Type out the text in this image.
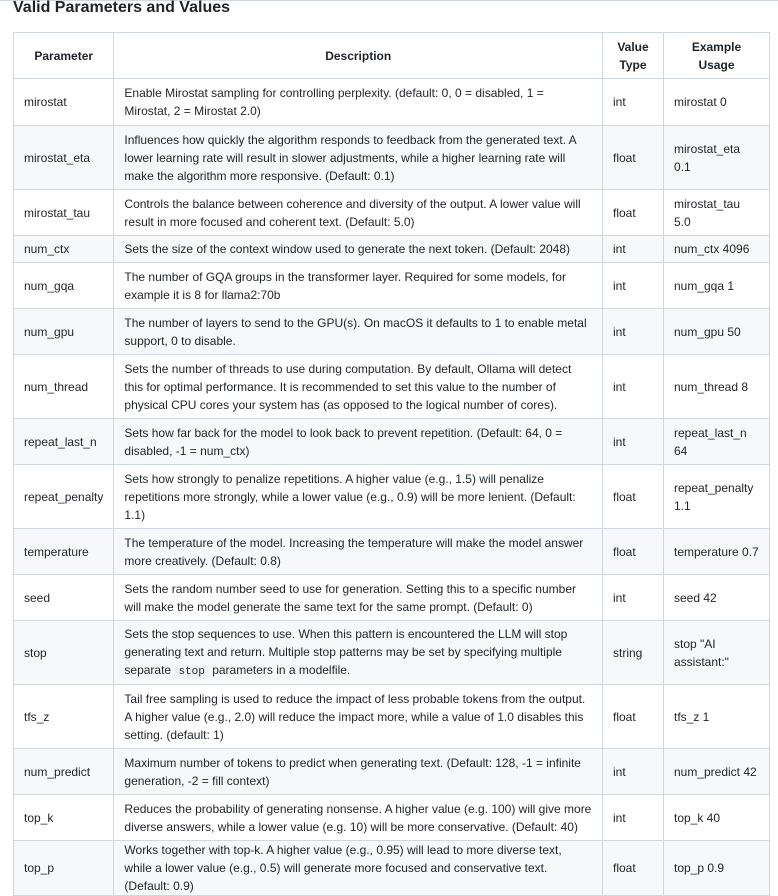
Valid Parameters and Values
Parameter	Description	Value Type	Example Usage
mirostat	Enable Mirostat sampling for controlling perplexity. (default: 0, 0 = disabled, 1 = Mirostat, 2 = Mirostat 2.0)	int	mirostat 0
mirostat_eta	Influences how quickly the algorithm responds to feedback from the generated text. A lower learning rate will result in slower adjustments, while a higher learning rate will make the algorithm more responsive. (Default: 0.1)	float	mirostat_eta 0.1
mirostat_tau	Controls the balance between coherence and diversity of the output. A lower value will result in more focused and coherent text. (Default: 5.0)	float	mirostat_tau 5.0
num_ctx	Sets the size of the context window used to generate the next token. (Default: 2048)	int	num_ctx 4096
num_gqa	The number of GQA groups in the transformer layer. Required for some models, for example it is 8 for llama2:70b	int	num_gqa 1
num_gpu	The number of layers to send to the GPU(s). On macOS it defaults to 1 to enable metal support, 0 to disable.	int	num_gpu 50
num_thread	Sets the number of threads to use during computation. By default, Ollama will detect this for optimal performance. It is recommended to set this value to the number of physical CPU cores your system has (as opposed to the logical number of cores).	int	num_thread 8
repeat_last_n	Sets how far back for the model to look back to prevent repetition. (Default: 64, 0 = disabled, -1 = num_ctx)	int	repeat_last_n 64
repeat_penalty	Sets how strongly to penalize repetitions. A higher value (e.g., 1.5) will penalize repetitions more strongly, while a lower value (e.g., 0.9) will be more lenient. (Default: 1.1)	float	repeat_penalty 1.1
temperature	The temperature of the model. Increasing the temperature will make the model answer more creatively. (Default: 0.8)	float	temperature 0.7
seed	Sets the random number seed to use for generation. Setting this to a specific number will make the model generate the same text for the same prompt. (Default: 0)	int	seed 42
stop	Sets the stop sequences to use. When this pattern is encountered the LLM will stop generating text and return. Multiple stop patterns may be set by specifying multiple separate stop parameters in a modelfile.	string	stop "AI assistant:"
tfs_z	Tail free sampling is used to reduce the impact of less probable tokens from the output. A higher value (e.g., 2.0) will reduce the impact more, while a value of 1.0 disables this setting. (default: 1)	float	tfs_z 1
num_predict	Maximum number of tokens to predict when generating text. (Default: 128, -1 = infinite generation, -2 = fill context)	int	num_predict 42
top_k	Reduces the probability of generating nonsense. A higher value (e.g. 100) will give more diverse answers, while a lower value (e.g. 10) will be more conservative. (Default: 40)	int	top_k 40
top_p	Works together with top-k. A higher value (e.g., 0.95) will lead to more diverse text, while a lower value (e.g., 0.5) will generate more focused and conservative text. (Default: 0.9)	float	top_p 0.9
